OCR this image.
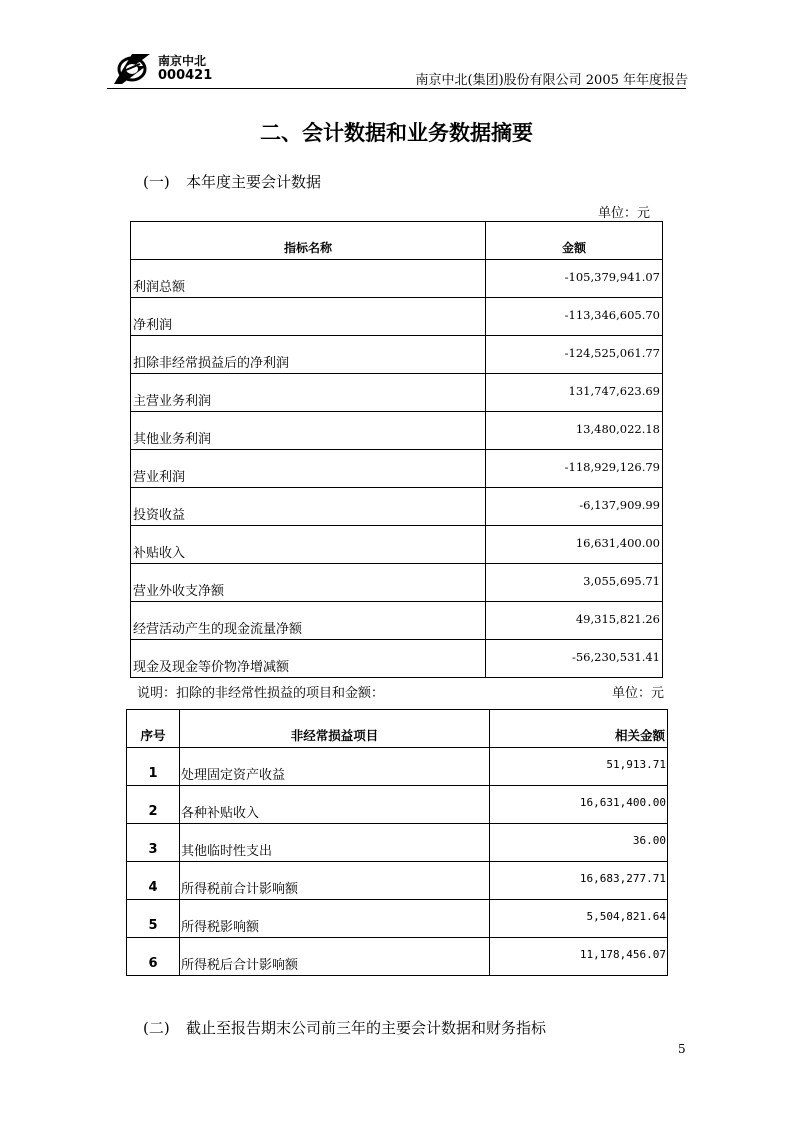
南京中北
000421	南京中北(集团)股份有限公司 2005 年年度报告
二、会计数据和业务数据摘要
(一) 本年度主要会计数据
单位：元
指标名称	金额
利润总额	-105,379,941.07
净利润	-113,346,605.70
扣除非经常损益后的净利润	-124,525,061.77
主营业务利润	131,747,623.69
其他业务利润	13,480,022.18
营业利润	-118,929,126.79
投资收益	-6,137,909.99
补贴收入	16,631,400.00
营业外收支净额	3,055,695.71
经营活动产生的现金流量净额	49,315,821.26
现金及现金等价物净增减额	-56,230,531.41
说明：扣除的非经常性损益的项目和金额：	单位：元
序号	非经常损益项目	相关金额
1	处理固定资产收益	51,913.71
2	各种补贴收入	16,631,400.00
3	其他临时性支出	36.00
4	所得税前合计影响额	16,683,277.71
5	所得税影响额	5,504,821.64
6	所得税后合计影响额	11,178,456.07
(二) 截止至报告期末公司前三年的主要会计数据和财务指标
5
